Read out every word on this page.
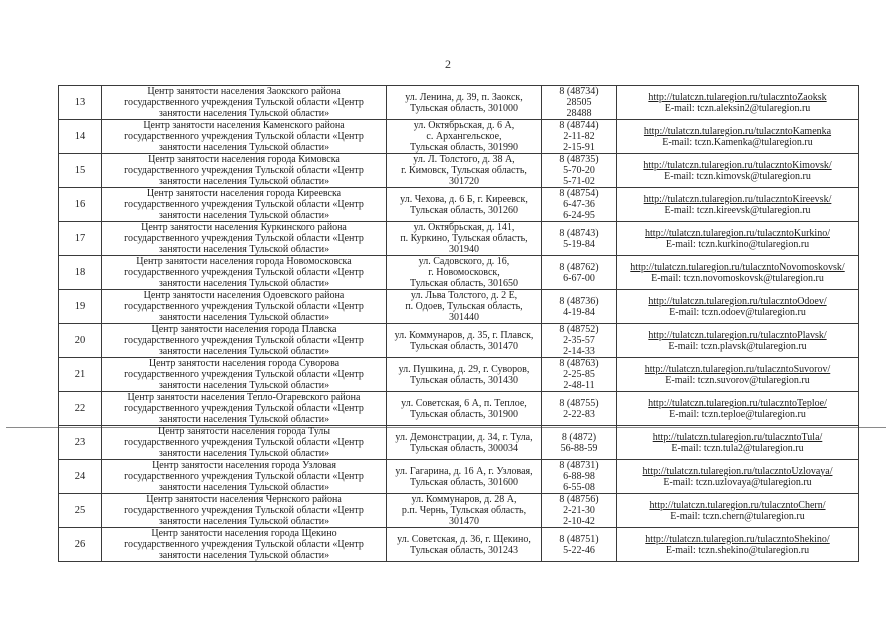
2
13	Центр занятости населения Заокского района
государственного учреждения Тульской области «Центр
занятости населения Тульской области»	ул. Ленина, д. 39, п. Заокск,
Тульская область, 301000	8 (48734)
28505
28488	http://tulatczn.tularegion.ru/tulaczntoZaoksk
E-mail: tczn.aleksin2@tularegion.ru

14	Центр занятости населения Каменского района
государственного учреждения Тульской области «Центр
занятости населения Тульской области»	ул. Октябрьская, д. 6 А,
с. Архангельское,
Тульская область, 301990	8 (48744)
2-11-82
2-15-91	http://tulatczn.tularegion.ru/tulaczntoKamenka
E-mail: tczn.Kamenka@tularegion.ru

15	Центр занятости населения города Кимовска
государственного учреждения Тульской области «Центр
занятости населения Тульской области»	ул. Л. Толстого, д. 38 А,
г. Кимовск, Тульская область,
301720	8 (48735)
5-70-20
5-71-02	http://tulatczn.tularegion.ru/tulaczntoKimovsk/
E-mail: tczn.kimovsk@tularegion.ru

16	Центр занятости населения города Киреевска
государственного учреждения Тульской области «Центр
занятости населения Тульской области»	ул. Чехова, д. 6 Б, г. Киреевск,
Тульская область, 301260	8 (48754)
6-47-36
6-24-95	http://tulatczn.tularegion.ru/tulaczntoKireevsk/
E-mail: tczn.kireevsk@tularegion.ru

17	Центр занятости населения Куркинского района
государственного учреждения Тульской области «Центр
занятости населения Тульской области»	ул. Октябрьская, д. 141,
п. Куркино, Тульская область,
301940	8 (48743)
5-19-84	http://tulatczn.tularegion.ru/tulaczntoKurkino/
E-mail: tczn.kurkino@tularegion.ru

18	Центр занятости населения города Новомосковска
государственного учреждения Тульской области «Центр
занятости населения Тульской области»	ул. Садовского, д. 16,
г. Новомосковск,
Тульская область, 301650	8 (48762)
6-67-00	http://tulatczn.tularegion.ru/tulaczntoNovomoskovsk/
E-mail: tczn.novomoskovsk@tularegion.ru

19	Центр занятости населения Одоевского района
государственного учреждения Тульской области «Центр
занятости населения Тульской области»	ул. Льва Толстого, д. 2 Е,
п. Одоев, Тульская область,
301440	8 (48736)
4-19-84	http://tulatczn.tularegion.ru/tulaczntoOdoev/
E-mail: tczn.odoev@tularegion.ru

20	Центр занятости населения города Плавска
государственного учреждения Тульской области «Центр
занятости населения Тульской области»	ул. Коммунаров, д. 35, г. Плавск,
Тульская область, 301470	8 (48752)
2-35-57
2-14-33	http://tulatczn.tularegion.ru/tulaczntoPlavsk/
E-mail: tczn.plavsk@tularegion.ru

21	Центр занятости населения города Суворова
государственного учреждения Тульской области «Центр
занятости населения Тульской области»	ул. Пушкина, д. 29, г. Суворов,
Тульская область, 301430	8 (48763)
2-25-85
2-48-11	http://tulatczn.tularegion.ru/tulaczntoSuvorov/
E-mail: tczn.suvorov@tularegion.ru

22	Центр занятости населения Тепло-Огаревского района
государственного учреждения Тульской области «Центр
занятости населения Тульской области»	ул. Советская, 6 А, п. Теплое,
Тульская область, 301900	8 (48755)
2-22-83	http://tulatczn.tularegion.ru/tulaczntoTeploe/
E-mail: tczn.teploe@tularegion.ru

23	Центр занятости населения города Тулы
государственного учреждения Тульской области «Центр
занятости населения Тульской области»	ул. Демонстрации, д. 34, г. Тула,
Тульская область, 300034	8 (4872)
56-88-59	http://tulatczn.tularegion.ru/tulaczntoTula/
E-mail: tczn.tula2@tularegion.ru

24	Центр занятости населения города Узловая
государственного учреждения Тульской области «Центр
занятости населения Тульской области»	ул. Гагарина, д. 16 А, г. Узловая,
Тульская область, 301600	8 (48731)
6-88-98
6-55-08	http://tulatczn.tularegion.ru/tulaczntoUzlovaya/
E-mail: tczn.uzlovaya@tularegion.ru

25	Центр занятости населения Чернского района
государственного учреждения Тульской области «Центр
занятости населения Тульской области»	ул. Коммунаров, д. 28 А,
р.п. Чернь, Тульская область,
301470	8 (48756)
2-21-30
2-10-42	http://tulatczn.tularegion.ru/tulaczntoChern/
E-mail: tczn.chern@tularegion.ru

26	Центр занятости населения города Щекино
государственного учреждения Тульской области «Центр
занятости населения Тульской области»	ул. Советская, д. 36, г. Щекино,
Тульская область, 301243	8 (48751)
5-22-46	http://tulatczn.tularegion.ru/tulaczntoShekino/
E-mail: tczn.shekino@tularegion.ru
